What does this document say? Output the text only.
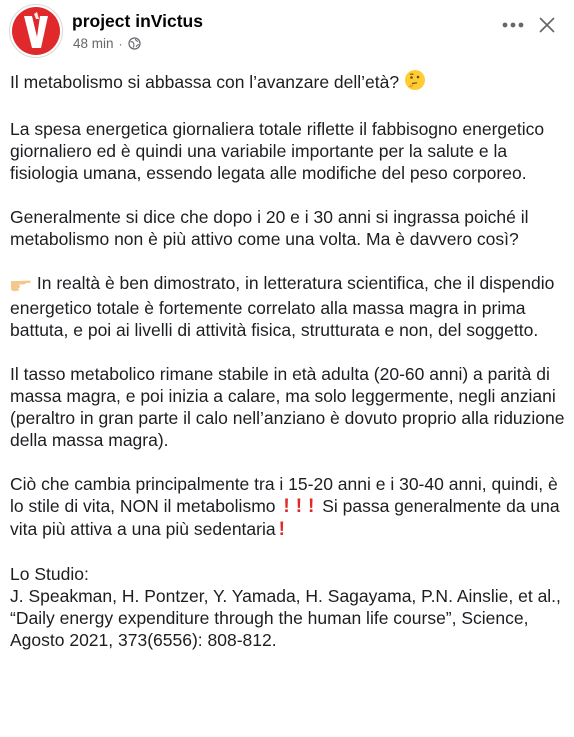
project inVictus
48 min ·

Il metabolismo si abbassa con l’avanzare dell’età?

La spesa energetica giornaliera totale riflette il fabbisogno energetico giornaliero ed è quindi una variabile importante per la salute e la fisiologia umana, essendo legata alle modifiche del peso corporeo.

Generalmente si dice che dopo i 20 e i 30 anni si ingrassa poiché il metabolismo non è più attivo come una volta. Ma è davvero così?

In realtà è ben dimostrato, in letteratura scientifica, che il dispendio energetico totale è fortemente correlato alla massa magra in prima battuta, e poi ai livelli di attività fisica, strutturata e non, del soggetto.

Il tasso metabolico rimane stabile in età adulta (20-60 anni) a parità di massa magra, e poi inizia a calare, ma solo leggermente, negli anziani (peraltro in gran parte il calo nell’anziano è dovuto proprio alla riduzione della massa magra).

Ciò che cambia principalmente tra i 15-20 anni e i 30-40 anni, quindi, è lo stile di vita, NON il metabolismo ! ! ! Si passa generalmente da una vita più attiva a una più sedentaria !

Lo Studio:
J. Speakman, H. Pontzer, Y. Yamada, H. Sagayama, P.N. Ainslie, et al., “Daily energy expenditure through the human life course”, Science, Agosto 2021, 373(6556): 808-812.
